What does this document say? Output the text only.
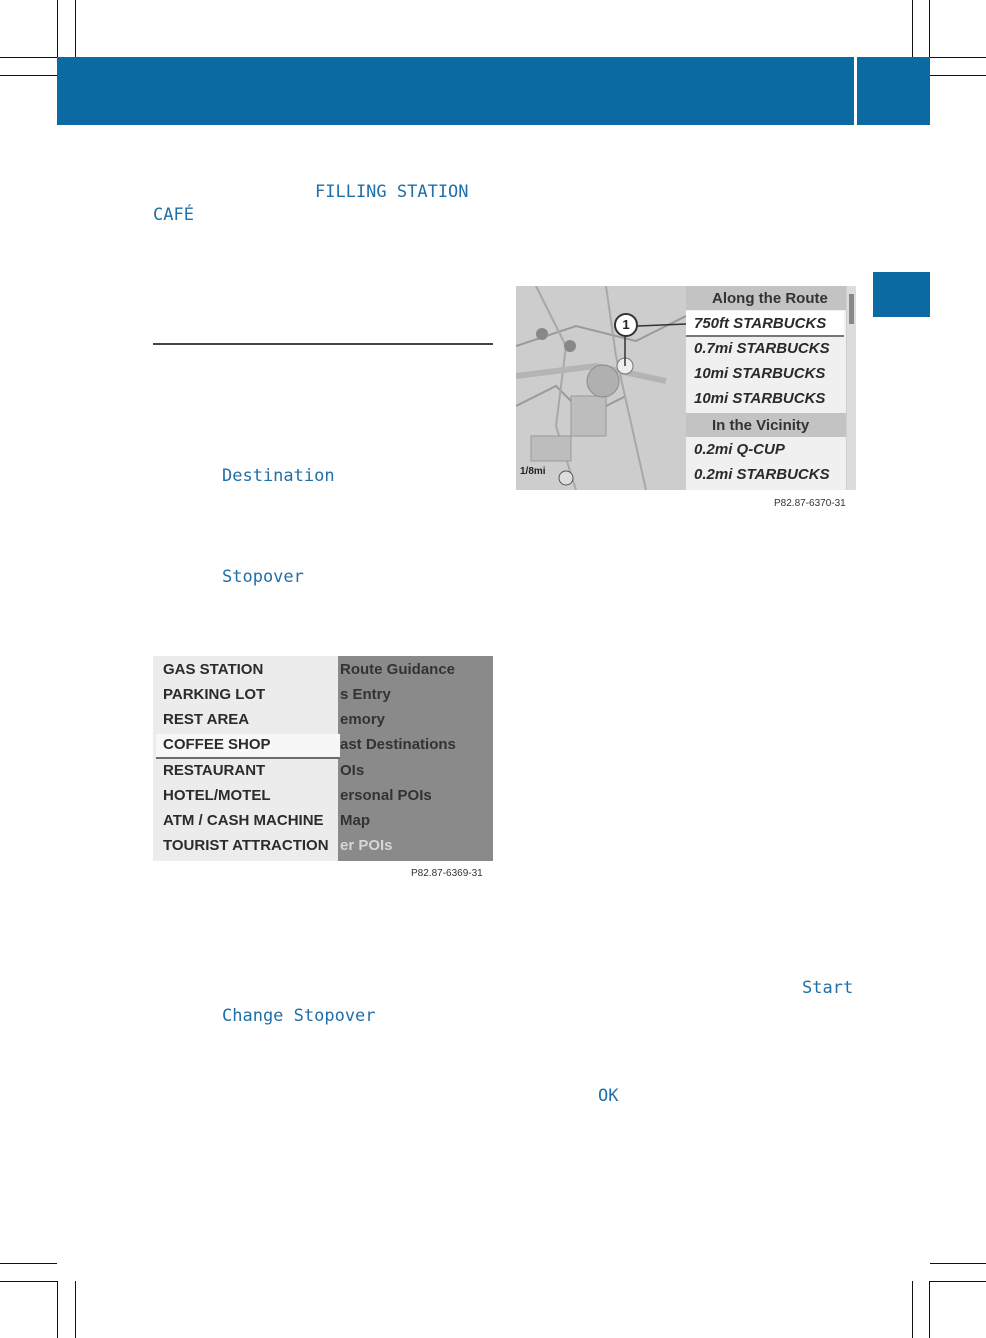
FILLING STATION
CAFÉ
Destination
Stopover
Change Stopover
Start
OK
GAS STATION
PARKING LOT
REST AREA
COFFEE SHOP
RESTAURANT
HOTEL/MOTEL
ATM / CASH MACHINE
TOURIST ATTRACTION
Route Guidance
s Entry
emory
ast Destinations
OIs
ersonal POIs
Map
er POIs
P82.87-6369-31
1
1/8mi
Along the Route
750ft STARBUCKS
0.7mi STARBUCKS
10mi STARBUCKS
10mi STARBUCKS
In the Vicinity
0.2mi Q-CUP
0.2mi STARBUCKS
P82.87-6370-31
